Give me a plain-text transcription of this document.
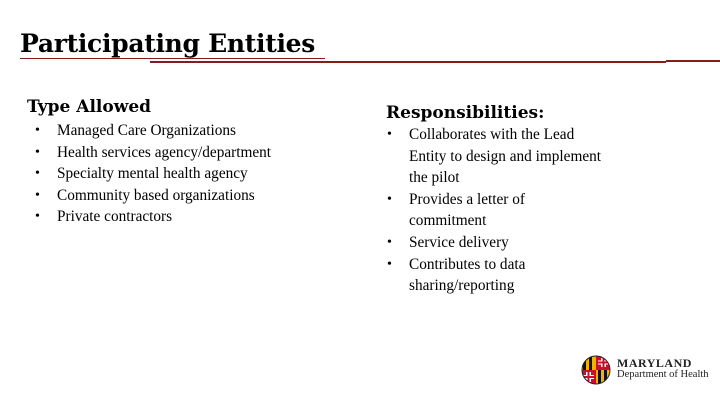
Participating Entities
Type Allowed
• Managed Care Organizations
• Health services agency/department
• Specialty mental health agency
• Community based organizations
• Private contractors
Responsibilities:
• Collaborates with the Lead
Entity to design and implement
the pilot
• Provides a letter of
commitment
• Service delivery
• Contributes to data
sharing/reporting
MARYLAND
Department of Health
